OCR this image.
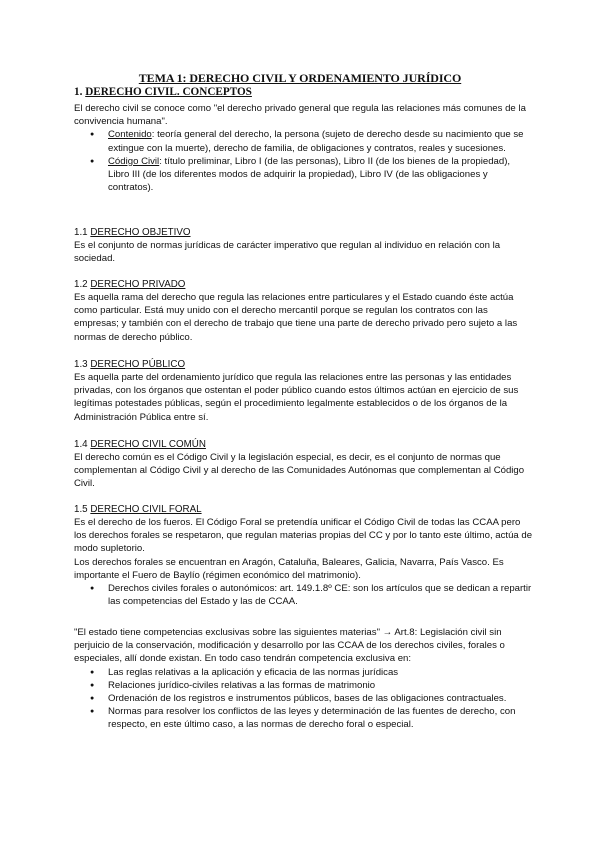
TEMA 1: DERECHO CIVIL Y ORDENAMIENTO JURÍDICO
1. DERECHO CIVIL. CONCEPTOS

El derecho civil se conoce como "el derecho privado general que regula las relaciones más comunes de la convivencia humana".

● Contenido: teoría general del derecho, la persona (sujeto de derecho desde su nacimiento que se extingue con la muerte), derecho de familia, de obligaciones y contratos, reales y sucesiones.
● Código Civil: título preliminar, Libro I (de las personas), Libro II (de los bienes de la propiedad), Libro III (de los diferentes modos de adquirir la propiedad), Libro IV (de las obligaciones y contratos).

1.1 DERECHO OBJETIVO

Es el conjunto de normas jurídicas de carácter imperativo que regulan al individuo en relación con la sociedad.

1.2 DERECHO PRIVADO

Es aquella rama del derecho que regula las relaciones entre particulares y el Estado cuando éste actúa como particular. Está muy unido con el derecho mercantil porque se regulan los contratos con las empresas; y también con el derecho de trabajo que tiene una parte de derecho privado pero sujeto a las normas de derecho público.

1.3 DERECHO PÚBLICO

Es aquella parte del ordenamiento jurídico que regula las relaciones entre las personas y las entidades privadas, con los órganos que ostentan el poder público cuando estos últimos actúan en ejercicio de sus legítimas potestades públicas, según el procedimiento legalmente establecidos o de los órganos de la Administración Pública entre sí.

1.4 DERECHO CIVIL COMÚN

El derecho común es el Código Civil y la legislación especial, es decir, es el conjunto de normas que complementan al Código Civil y al derecho de las Comunidades Autónomas que complementan al Código Civil.

1.5 DERECHO CIVIL FORAL

Es el derecho de los fueros. El Código Foral se pretendía unificar el Código Civil de todas las CCAA pero los derechos forales se respetaron, que regulan materias propias del CC y por lo tanto este último, actúa de modo supletorio.

Los derechos forales se encuentran en Aragón, Cataluña, Baleares, Galicia, Navarra, País Vasco. Es importante el Fuero de Baylío (régimen económico del matrimonio).

● Derechos civiles forales o autonómicos: art. 149.1.8º CE: son los artículos que se dedican a repartir las competencias del Estado y las de CCAA.

"El estado tiene competencias exclusivas sobre las siguientes materias" → Art.8: Legislación civil sin perjuicio de la conservación, modificación y desarrollo por las CCAA de los derechos civiles, forales o especiales, allí donde existan. En todo caso tendrán competencia exclusiva en:

● Las reglas relativas a la aplicación y eficacia de las normas jurídicas
● Relaciones jurídico-civiles relativas a las formas de matrimonio
● Ordenación de los registros e instrumentos públicos, bases de las obligaciones contractuales.
● Normas para resolver los conflictos de las leyes y determinación de las fuentes de derecho, con respecto, en este último caso, a las normas de derecho foral o especial.
